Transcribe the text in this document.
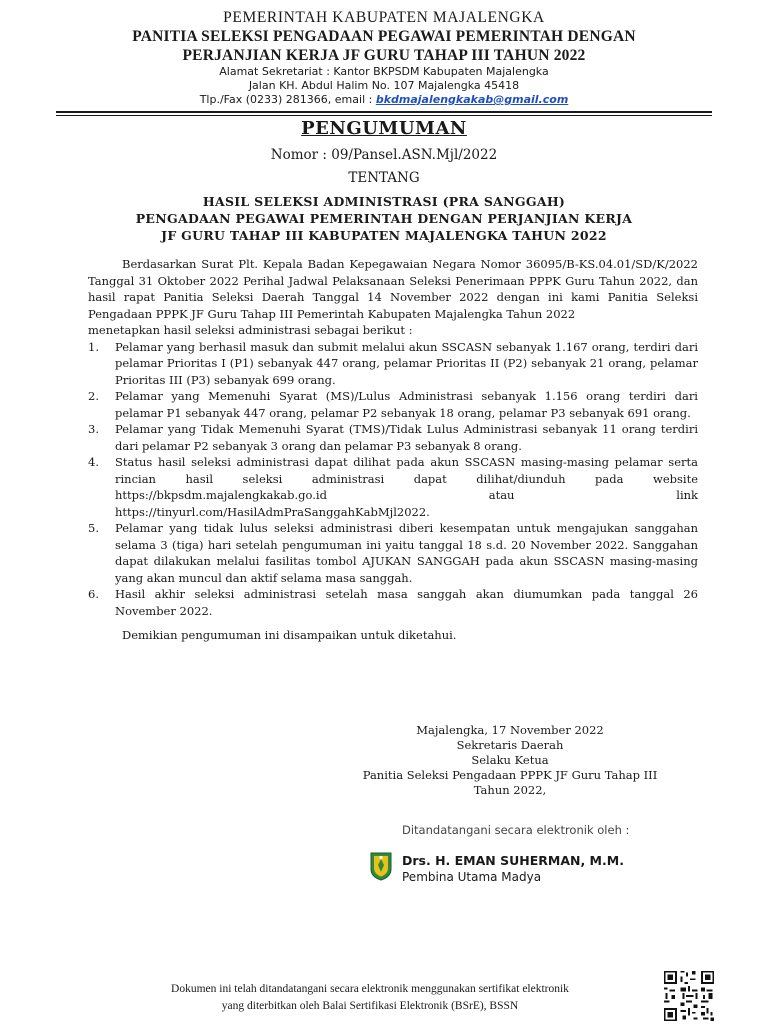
PEMERINTAH KABUPATEN MAJALENGKA
PANITIA SELEKSI PENGADAAN PEGAWAI PEMERINTAH DENGAN
PERJANJIAN KERJA JF GURU TAHAP III TAHUN 2022
Alamat Sekretariat : Kantor BKPSDM Kabupaten Majalengka
Jalan KH. Abdul Halim No. 107 Majalengka 45418
Tlp./Fax (0233) 281366, email : bkdmajalengkakab@gmail.com
PENGUMUMAN
Nomor : 09/Pansel.ASN.Mjl/2022
TENTANG
HASIL SELEKSI ADMINISTRASI (PRA SANGGAH)
PENGADAAN PEGAWAI PEMERINTAH DENGAN PERJANJIAN KERJA
JF GURU TAHAP III KABUPATEN MAJALENGKA TAHUN 2022

Berdasarkan Surat Plt. Kepala Badan Kepegawaian Negara Nomor 36095/B-KS.04.01/SD/K/2022 Tanggal 31 Oktober 2022 Perihal Jadwal Pelaksanaan Seleksi Penerimaan PPPK Guru Tahun 2022, dan hasil rapat Panitia Seleksi Daerah Tanggal 14 November 2022 dengan ini kami Panitia Seleksi Pengadaan PPPK JF Guru Tahap III Pemerintah Kabupaten Majalengka Tahun 2022

menetapkan hasil seleksi administrasi sebagai berikut :

1. Pelamar yang berhasil masuk dan submit melalui akun SSCASN sebanyak 1.167 orang, terdiri dari pelamar Prioritas I (P1) sebanyak 447 orang, pelamar Prioritas II (P2) sebanyak 21 orang, pelamar Prioritas III (P3) sebanyak 699 orang.
2. Pelamar yang Memenuhi Syarat (MS)/Lulus Administrasi sebanyak 1.156 orang terdiri dari pelamar P1 sebanyak 447 orang, pelamar P2 sebanyak 18 orang, pelamar P3 sebanyak 691 orang.
3. Pelamar yang Tidak Memenuhi Syarat (TMS)/Tidak Lulus Administrasi sebanyak 11 orang terdiri dari pelamar P2 sebanyak 3 orang dan pelamar P3 sebanyak 8 orang.
4. Status hasil seleksi administrasi dapat dilihat pada akun SSCASN masing-masing pelamar serta rincian hasil seleksi administrasi dapat dilihat/diunduh pada website https://bkpsdm.majalengkakab.go.id atau link https://tinyurl.com/HasilAdmPraSanggahKabMjl2022.
5. Pelamar yang tidak lulus seleksi administrasi diberi kesempatan untuk mengajukan sanggahan selama 3 (tiga) hari setelah pengumuman ini yaitu tanggal 18 s.d. 20 November 2022. Sanggahan dapat dilakukan melalui fasilitas tombol AJUKAN SANGGAH pada akun SSCASN masing-masing yang akan muncul dan aktif selama masa sanggah.
6. Hasil akhir seleksi administrasi setelah masa sanggah akan diumumkan pada tanggal 26 November 2022.

Demikian pengumuman ini disampaikan untuk diketahui.

Majalengka, 17 November 2022
Sekretaris Daerah
Selaku Ketua
Panitia Seleksi Pengadaan PPPK JF Guru Tahap III
Tahun 2022,
Ditandatangani secara elektronik oleh :
Drs. H. EMAN SUHERMAN, M.M.
Pembina Utama Madya
Dokumen ini telah ditandatangani secara elektronik menggunakan sertifikat elektronik
yang diterbitkan oleh Balai Sertifikasi Elektronik (BSrE), BSSN
